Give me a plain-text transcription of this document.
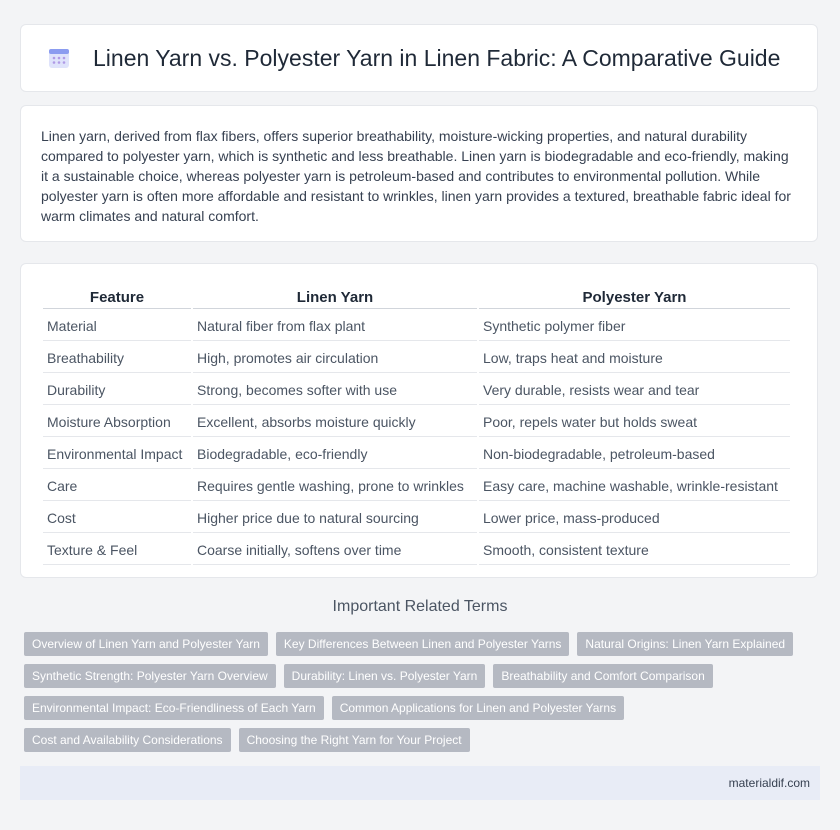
Linen Yarn vs. Polyester Yarn in Linen Fabric: A Comparative Guide

Linen yarn, derived from flax fibers, offers superior breathability, moisture-wicking properties, and natural durability compared to polyester yarn, which is synthetic and less breathable. Linen yarn is biodegradable and eco-friendly, making it a sustainable choice, whereas polyester yarn is petroleum-based and contributes to environmental pollution. While polyester yarn is often more affordable and resistant to wrinkles, linen yarn provides a textured, breathable fabric ideal for warm climates and natural comfort.

Feature	Linen Yarn	Polyester Yarn
Material	Natural fiber from flax plant	Synthetic polymer fiber
Breathability	High, promotes air circulation	Low, traps heat and moisture
Durability	Strong, becomes softer with use	Very durable, resists wear and tear
Moisture Absorption	Excellent, absorbs moisture quickly	Poor, repels water but holds sweat
Environmental Impact	Biodegradable, eco-friendly	Non-biodegradable, petroleum-based
Care	Requires gentle washing, prone to wrinkles	Easy care, machine washable, wrinkle-resistant
Cost	Higher price due to natural sourcing	Lower price, mass-produced
Texture & Feel	Coarse initially, softens over time	Smooth, consistent texture
Important Related Terms
Overview of Linen Yarn and Polyester Yarn	Key Differences Between Linen and Polyester Yarns	Natural Origins: Linen Yarn Explained
Synthetic Strength: Polyester Yarn Overview	Durability: Linen vs. Polyester Yarn	Breathability and Comfort Comparison
Environmental Impact: Eco-Friendliness of Each Yarn	Common Applications for Linen and Polyester Yarns
Cost and Availability Considerations	Choosing the Right Yarn for Your Project
materialdif.com
